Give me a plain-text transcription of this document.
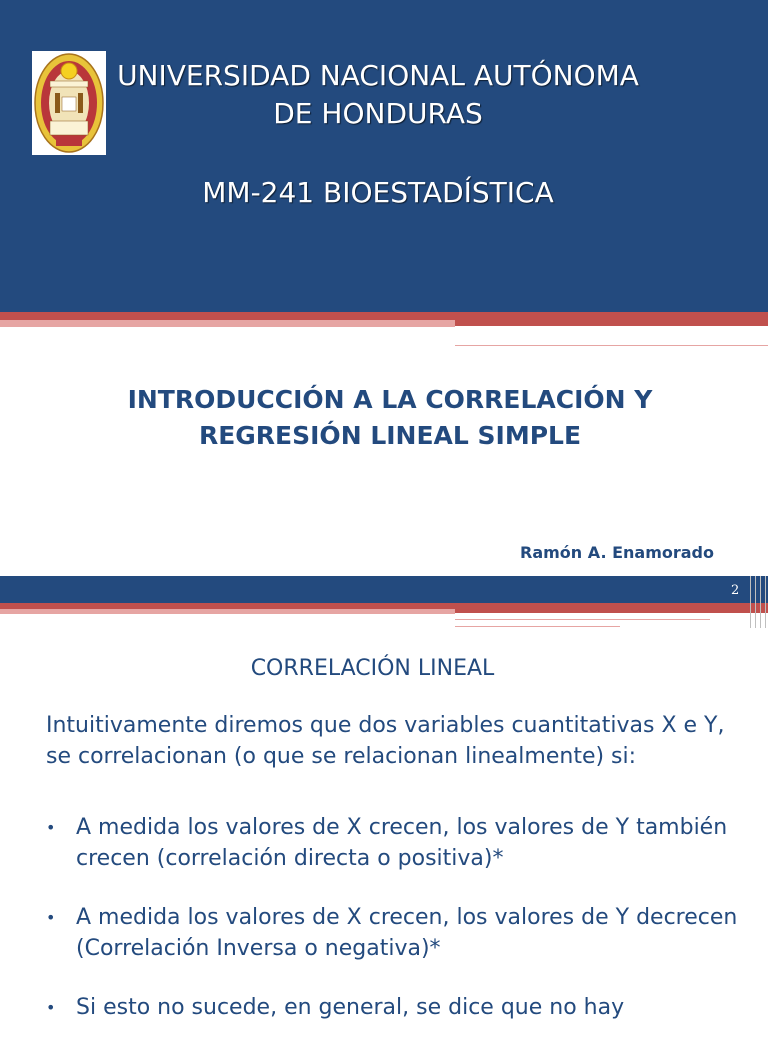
UNIVERSIDAD NACIONAL AUTÓNOMA
DE HONDURAS
MM-241 BIOESTADÍSTICA
INTRODUCCIÓN A LA CORRELACIÓN Y
REGRESIÓN LINEAL SIMPLE
Ramón A. Enamorado
2
CORRELACIÓN LINEAL
Intuitivamente diremos que dos variables cuantitativas X e Y, se correlacionan (o que se relacionan linealmente) si:
• A medida los valores de X crecen, los valores de Y también crecen (correlación directa o positiva)*
• A medida los valores de X crecen, los valores de Y decrecen (Correlación Inversa o negativa)*
• Si esto no sucede, en general, se dice que no hay
